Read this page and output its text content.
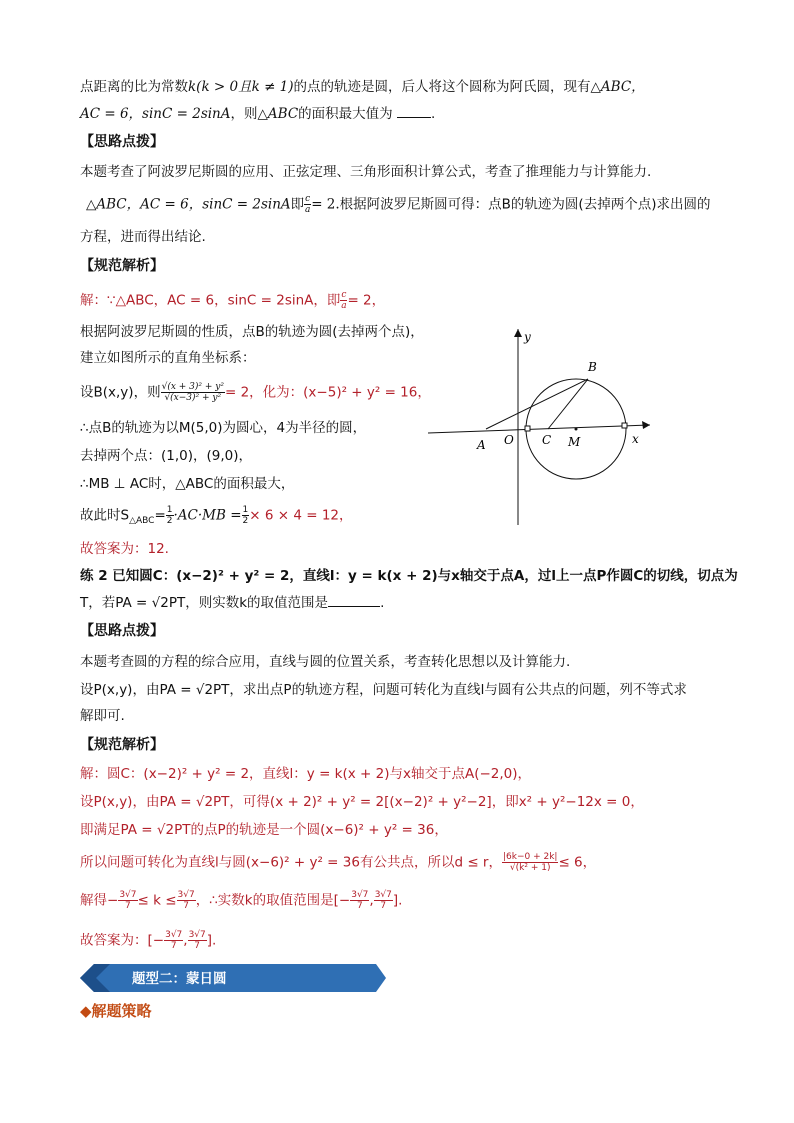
点距离的比为常数k(k > 0且k ≠ 1)的点的轨迹是圆，后人将这个圆称为阿氏圆，现有△ABC，
AC = 6，sinC = 2sinA，则△ABC的面积最大值为	.
【思路点拨】
本题考查了阿波罗尼斯圆的应用、正弦定理、三角形面积计算公式，考查了推理能力与计算能力.
△ABC，AC = 6，sinC = 2sinA即 $\frac{c}{a} = 2$.根据阿波罗尼斯圆可得：点B的轨迹为圆(去掉两个点)求出圆的
方程，进而得出结论.
【规范解析】
解：∵△ABC，AC = 6，sinC = 2sinA，即 $\frac{c}{a} = 2$，
根据阿波罗尼斯圆的性质，点B的轨迹为圆(去掉两个点)，
建立如图所示的直角坐标系：
设B(x,y)，则 $\frac{\text{√(x + 3)² + y²}}{\text{√(x−3)² + y²}} = 2$，化为：(x−5)² + y² = 16，
∴点B的轨迹为以M(5,0)为圆心，4为半径的圆，
去掉两个点：(1,0)，(9,0)，
∴MB ⊥ AC时，△ABC的面积最大，
故此时$S_{\triangle ABC}= \frac{1}{2} \cdot AC\cdot MB = \frac{1}{2} \times 6 \times 4 = 12$，
故答案为：12.
y
x
A O C M
B
练 2 已知圆C：(x−2)² + y² = 2，直线l：y = k(x + 2)与x轴交于点A，过l上一点P作圆C的切线，切点为
T，若PA = √2PT，则实数k的取值范围是	.
【思路点拨】
本题考查圆的方程的综合应用，直线与圆的位置关系，考查转化思想以及计算能力.
设P(x,y)，由PA = √2PT，求出点P的轨迹方程，问题可转化为直线l与圆有公共点的问题，列不等式求
解即可.
【规范解析】
解：圆C：(x−2)² + y² = 2，直线l：y = k(x + 2)与x轴交于点A(−2,0)，
设P(x,y)，由PA = √2PT，可得(x + 2)² + y² = 2[(x−2)² + y²−2]，即x² + y²−12x = 0，
即满足PA = √2PT的点P的轨迹是一个圆(x−6)² + y² = 36，
所以问题可转化为直线l与圆(x−6)² + y² = 36有公共点，所以d ≤ r， $\frac{|6k-0 + 2k|}{\text{√(k² + 1)}} \le 6$，
解得− $\frac{3√7}{7} \le k \le \frac{3√7}{7}$ ，∴实数k的取值范围是[− $\frac{3√7}{7}$ , $\frac{3√7}{7}$ ].
故答案为：[− $\frac{3√7}{7}$ , $\frac{3√7}{7}$ ].
题型二：蒙日圆
◆解题策略
